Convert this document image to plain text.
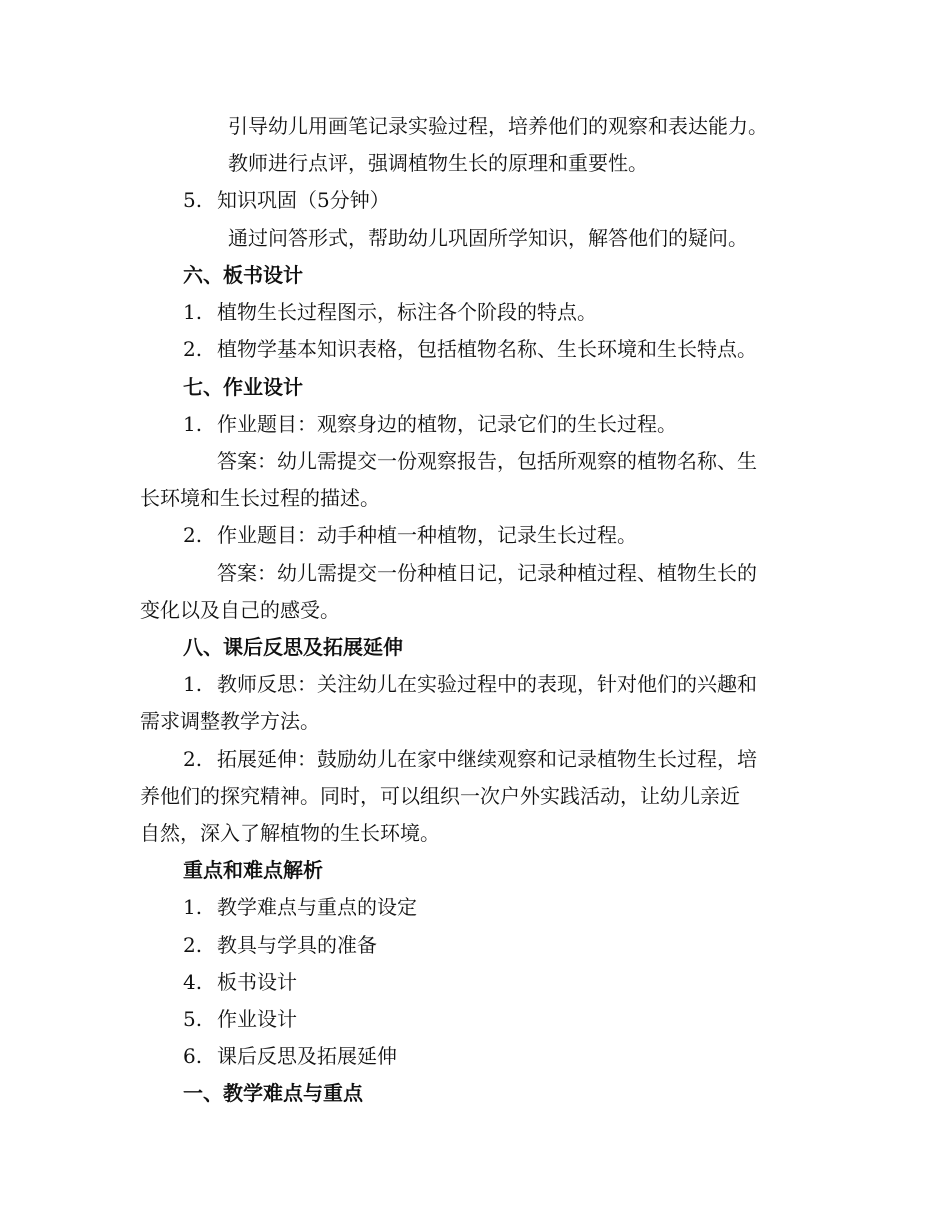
引导幼儿用画笔记录实验过程，培养他们的观察和表达能力。
教师进行点评，强调植物生长的原理和重要性。
5. 知识巩固（5分钟）
通过问答形式，帮助幼儿巩固所学知识，解答他们的疑问。
六、板书设计
1. 植物生长过程图示，标注各个阶段的特点。
2. 植物学基本知识表格，包括植物名称、生长环境和生长特点。
七、作业设计
1. 作业题目：观察身边的植物，记录它们的生长过程。
答案：幼儿需提交一份观察报告，包括所观察的植物名称、生
长环境和生长过程的描述。
2. 作业题目：动手种植一种植物，记录生长过程。
答案：幼儿需提交一份种植日记，记录种植过程、植物生长的
变化以及自己的感受。
八、课后反思及拓展延伸
1. 教师反思：关注幼儿在实验过程中的表现，针对他们的兴趣和
需求调整教学方法。
2. 拓展延伸：鼓励幼儿在家中继续观察和记录植物生长过程，培
养他们的探究精神。同时，可以组织一次户外实践活动，让幼儿亲近
自然，深入了解植物的生长环境。
重点和难点解析
1. 教学难点与重点的设定
2. 教具与学具的准备
4. 板书设计
5. 作业设计
6. 课后反思及拓展延伸
一、教学难点与重点
